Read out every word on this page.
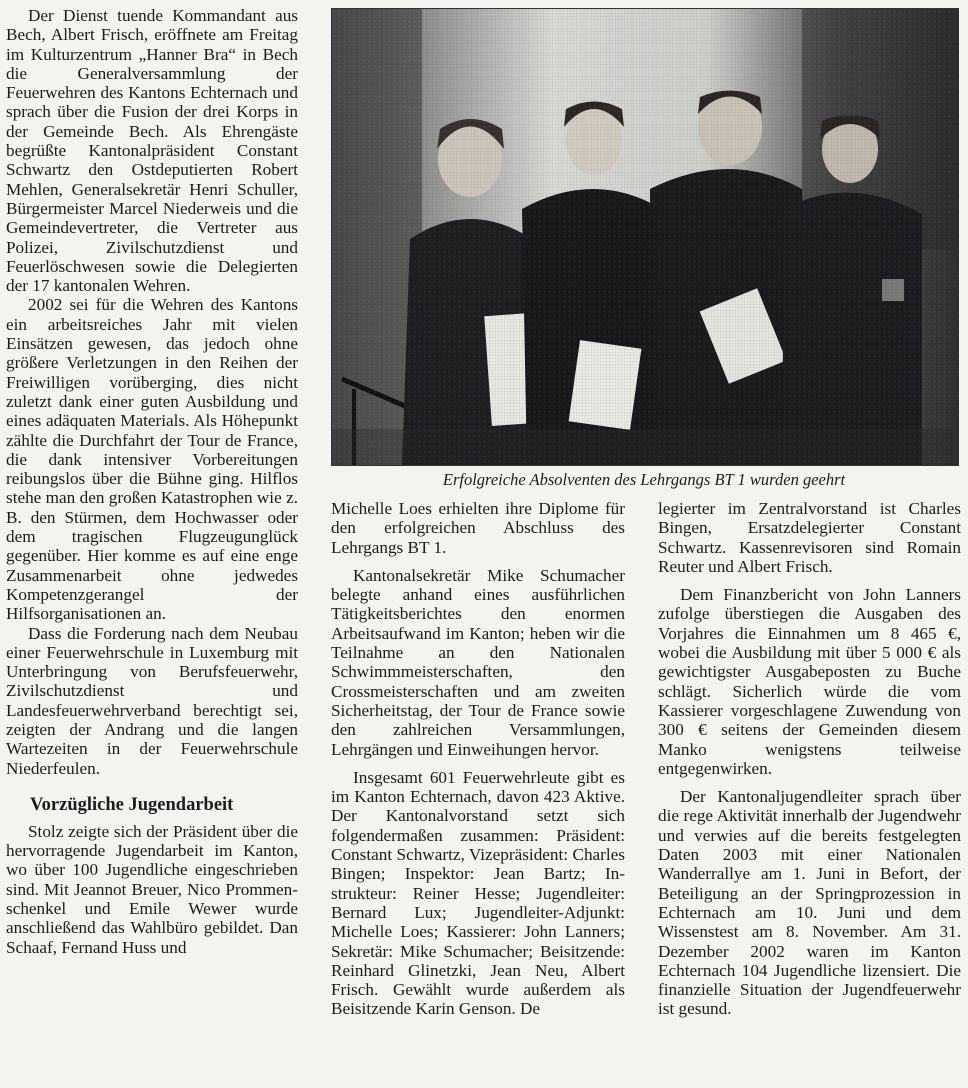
Der Dienst tuende Kommandant aus Bech, Albert Frisch, eröffnete am Freitag im Kulturzentrum „Hanner Bra“ in Bech die Generalversammlung der Feuerwehren des Kantons Echternach und sprach über die Fusion der drei Korps in der Gemeinde Bech. Als Ehrengäste begrüßte Kantonalpräsident Constant Schwartz den Ostdeputierten Robert Mehlen, Generalsekretär Henri Schuller, Bürgermeister Marcel Niederweis und die Gemeindevertreter, die Vertreter aus Polizei, Zivilschutzdienst und Feuerlöschwesen sowie die Delegierten der 17 kantonalen Wehren.

2002 sei für die Wehren des Kantons ein arbeitsreiches Jahr mit vielen Einsätzen gewesen, das jedoch ohne größere Verletzungen in den Reihen der Freiwilligen vorüberging, dies nicht zuletzt dank einer guten Ausbildung und eines adäquaten Materials. Als Höhepunkt zählte die Durchfahrt der Tour de France, die dank intensiver Vorbereitungen reibungslos über die Bühne ging. Hilflos stehe man den großen Katastrophen wie z. B. den Stürmen, dem Hochwasser oder dem tragischen Flugzeugunglück gegenüber. Hier komme es auf eine enge Zusammenarbeit ohne jedwedes Kompetenzgerangel der Hilfsorganisationen an.

Dass die Forderung nach dem Neubau einer Feuerwehrschule in Luxemburg mit Unterbringung von Berufsfeuerwehr, Zivilschutzdienst und Landesfeuerwehrverband berechtigt sei, zeigten der Andrang und die langen Wartezeiten in der Feuerwehrschule Niederfeulen.

Vorzügliche Jugendarbeit

Stolz zeigte sich der Präsident über die hervorragende Jugendarbeit im Kanton, wo über 100 Jugendliche eingeschrieben sind. Mit Jeannot Breuer, Nico Prommenschenkel und Emile Wewer wurde anschließend das Wahlbüro gebildet. Dan Schaaf, Fernand Huss und

Erfolgreiche Absolventen des Lehrgangs BT 1 wurden geehrt

Michelle Loes erhielten ihre Diplome für den erfolgreichen Abschluss des Lehrgangs BT 1.

Kantonalsekretär Mike Schumacher belegte anhand eines ausführlichen Tätigkeitsberichtes den enormen Arbeitsaufwand im Kanton; heben wir die Teilnahme an den Nationalen Schwimmmeisterschaften, den Crossmeisterschaften und am zweiten Sicherheitstag, der Tour de France sowie den zahlreichen Versammlungen, Lehrgängen und Einweihungen hervor.

Insgesamt 601 Feuerwehrleute gibt es im Kanton Echternach, davon 423 Aktive. Der Kantonalvorstand setzt sich folgendermaßen zusammen: Präsident: Constant Schwartz, Vizepräsident: Charles Bingen; Inspektor: Jean Bartz; Instrukteur: Reiner Hesse; Jugendleiter: Bernard Lux; Jugendleiter-Adjunkt: Michelle Loes; Kassierer: John Lanners; Sekretär: Mike Schumacher; Beisitzende: Reinhard Glinetzki, Jean Neu, Albert Frisch. Gewählt wurde außerdem als Beisitzende Karin Genson. De

legierter im Zentralvorstand ist Charles Bingen, Ersatzdelegierter Constant Schwartz. Kassenrevisoren sind Romain Reuter und Albert Frisch.

Dem Finanzbericht von John Lanners zufolge überstiegen die Ausgaben des Vorjahres die Einnahmen um 8 465 €, wobei die Ausbildung mit über 5 000 € als gewichtigster Ausgabeposten zu Buche schlägt. Sicherlich würde die vom Kassierer vorgeschlagene Zuwendung von 300 € seitens der Gemeinden diesem Manko wenigstens teilweise entgegenwirken.

Der Kantonaljugendleiter sprach über die rege Aktivität innerhalb der Jugendwehr und verwies auf die bereits festgelegten Daten 2003 mit einer Nationalen Wanderrallye am 1. Juni in Befort, der Beteiligung an der Springprozession in Echternach am 10. Juni und dem Wissenstest am 8. November. Am 31. Dezember 2002 waren im Kanton Echternach 104 Jugendliche lizensiert. Die finanzielle Situation der Jugendfeuerwehr ist gesund.
